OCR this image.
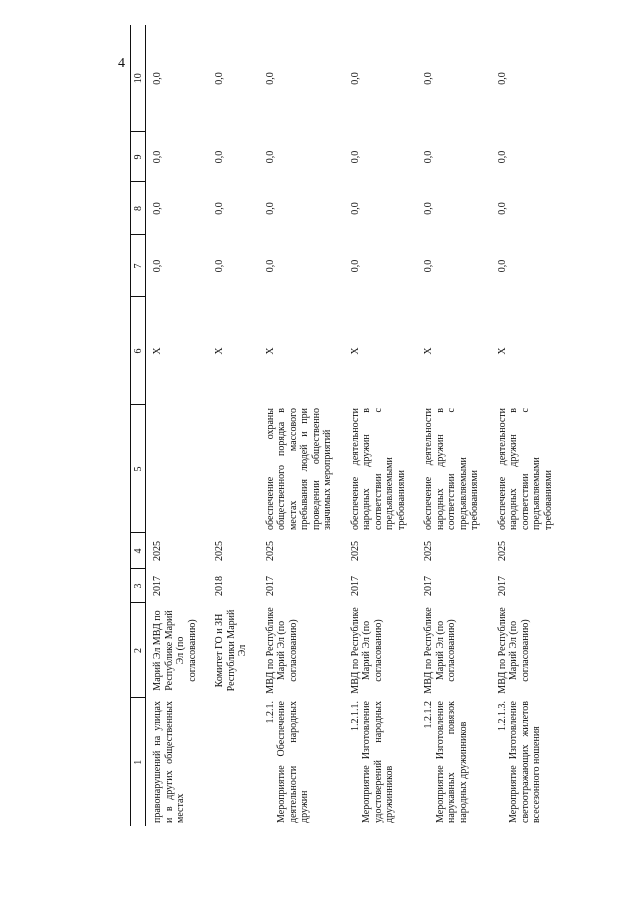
4
1	2	3	4	5	6	7	8	9	10

правонарушений на улицах и в других общественных местах	Марий Эл МВД по Республике Марий Эл (по согласованию)	2017	2025		X	0,0	0,0	0,0	0,0

	Комитет ГО и ЗН Республики Марий Эл	2018	2025		X	0,0	0,0	0,0	0,0

1.2.1. Мероприятие Обеспечение деятельности народных дружин	МВД по Республике Марий Эл (по согласованию)	2017	2025	обеспечение охраны общественного порядка в местах массового пребывания людей и при проведении общественно значимых мероприятий	X	0,0	0,0	0,0	0,0

1.2.1.1. Мероприятие Изготовление удостоверений народных дружинников	МВД по Республике Марий Эл (по согласованию)	2017	2025	обеспечение деятельности народных дружин в соответствии с предъявляемыми требованиями	X	0,0	0,0	0,0	0,0

1.2.1.2 Мероприятие Изготовление нарукавных повязок народных дружинников	МВД по Республике Марий Эл (по согласованию)	2017	2025	обеспечение деятельности народных дружин в соответствии с предъявляемыми требованиями	X	0,0	0,0	0,0	0,0

1.2.1.3. Мероприятие Изготовление светоотражающих жилетов всесезонного ношения	МВД по Республике Марий Эл (по согласованию)	2017	2025	обеспечение деятельности народных дружин в соответствии с предъявляемыми требованиями	X	0,0	0,0	0,0	0,0
